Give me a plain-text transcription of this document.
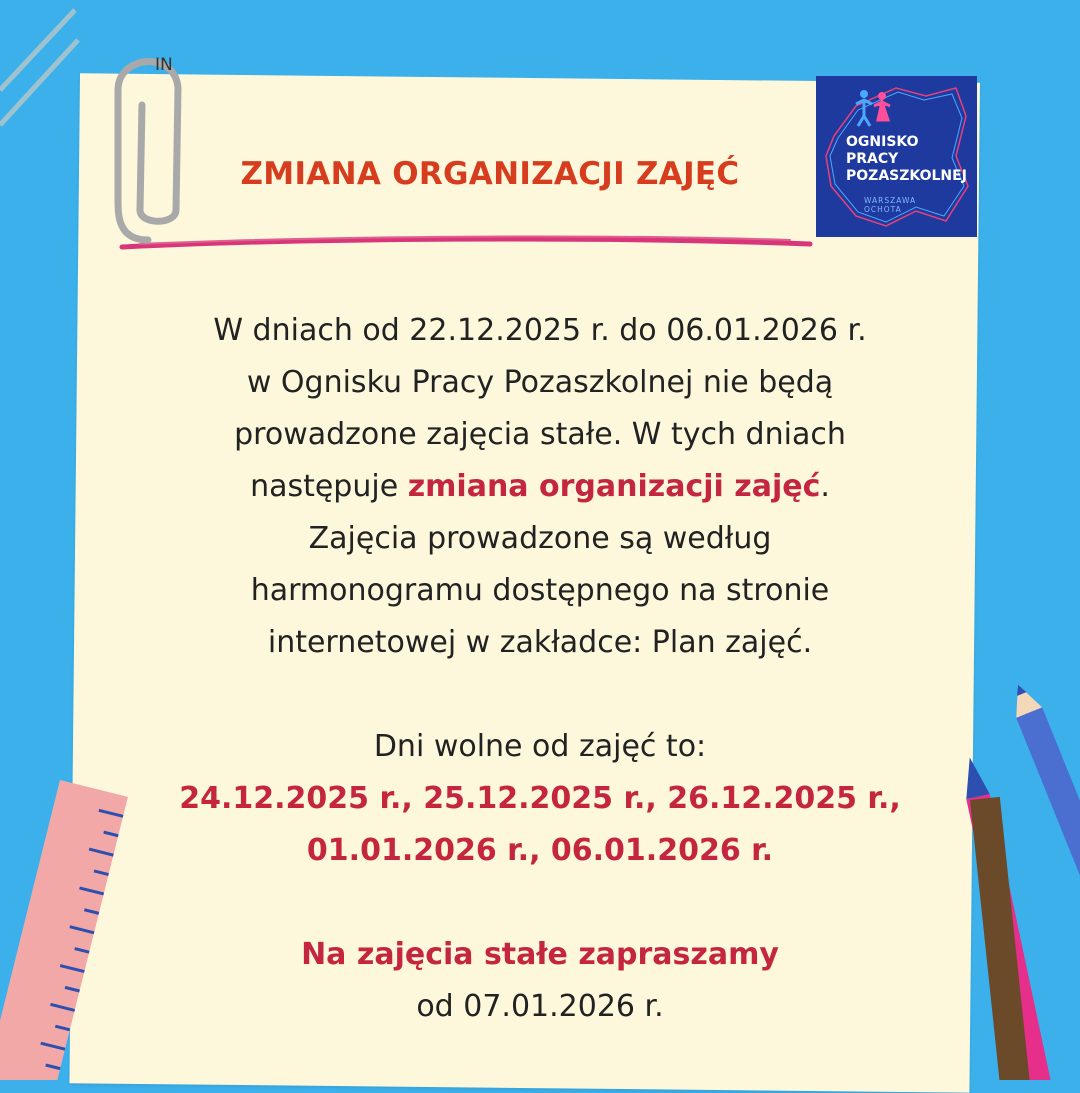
IN
OGNISKO
PRACY
POZASZKOLNEJ
WARSZAWA
OCHOTA
ZMIANA ORGANIZACJI ZAJĘĆ

W dniach od 22.12.2025 r. do 06.01.2026 r.

w Ognisku Pracy Pozaszkolnej nie będą

prowadzone zajęcia stałe. W tych dniach

następuje zmiana organizacji zajęć.

Zajęcia prowadzone są według

harmonogramu dostępnego na stronie

internetowej w zakładce: Plan zajęć.

Dni wolne od zajęć to:

24.12.2025 r., 25.12.2025 r., 26.12.2025 r.,

01.01.2026 r., 06.01.2026 r.

Na zajęcia stałe zapraszamy

od 07.01.2026 r.
